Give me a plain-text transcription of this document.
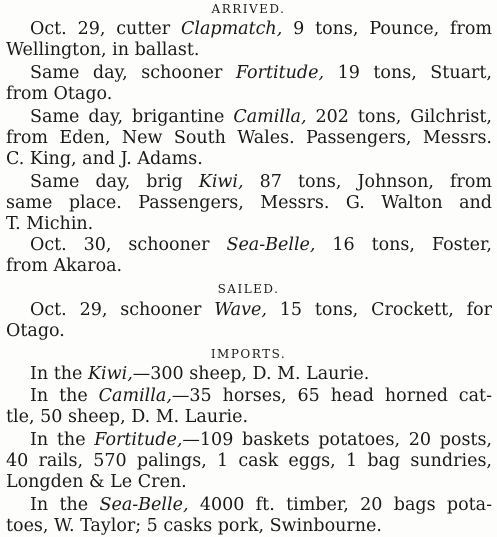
ARRIVED.
Oct. 29, cutter Clapmatch, 9 tons, Pounce, from
Wellington, in ballast.
Same day, schooner Fortitude, 19 tons, Stuart,
from Otago.
Same day, brigantine Camilla, 202 tons, Gilchrist,
from Eden, New South Wales. Passengers, Messrs.
C. King, and J. Adams.
Same day, brig Kiwi, 87 tons, Johnson, from
same place. Passengers, Messrs. G. Walton and
T. Michin.
Oct. 30, schooner Sea-Belle, 16 tons, Foster,
from Akaroa.
SAILED.
Oct. 29, schooner Wave, 15 tons, Crockett, for
Otago.
IMPORTS.
In the Kiwi,—300 sheep, D. M. Laurie.
In the Camilla,—35 horses, 65 head horned cat-
tle, 50 sheep, D. M. Laurie.
In the Fortitude,—109 baskets potatoes, 20 posts,
40 rails, 570 palings, 1 cask eggs, 1 bag sundries,
Longden & Le Cren.
In the Sea-Belle, 4000 ft. timber, 20 bags pota-
toes, W. Taylor; 5 casks pork, Swinbourne.
